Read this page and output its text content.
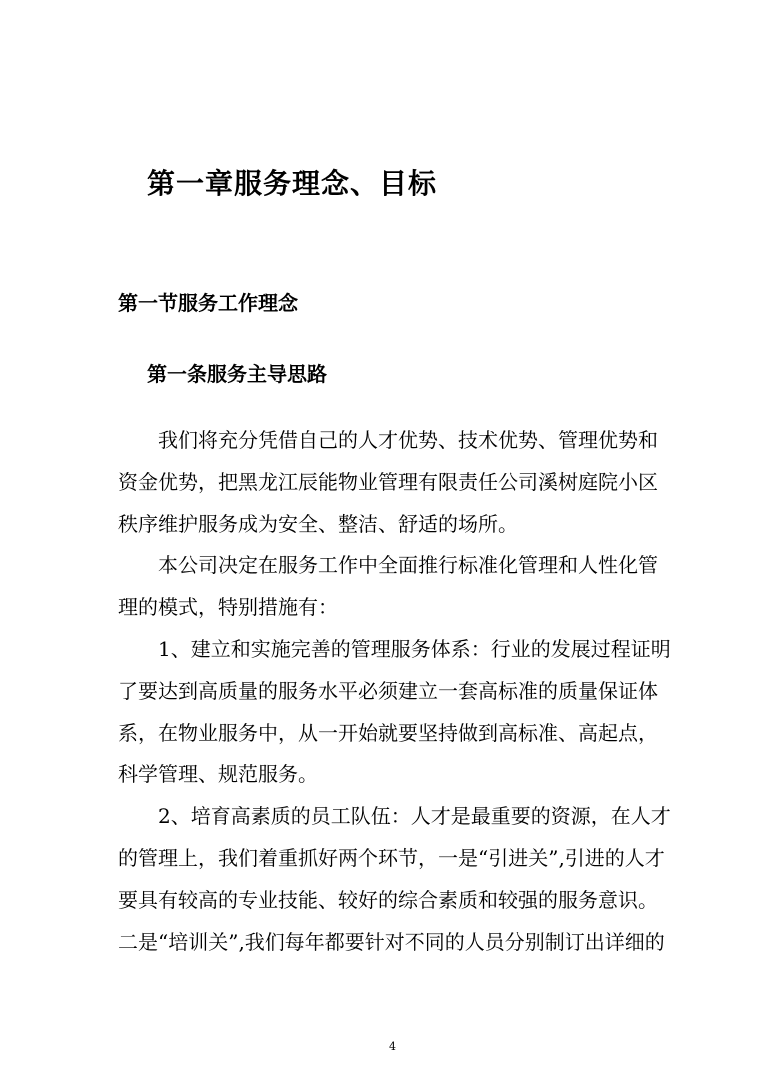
第一章服务理念、目标
第一节服务工作理念
第一条服务主导思路
我们将充分凭借自己的人才优势、技术优势、管理优势和
资金优势，把黑龙江辰能物业管理有限责任公司溪树庭院小区
秩序维护服务成为安全、整洁、舒适的场所。
本公司决定在服务工作中全面推行标准化管理和人性化管
理的模式，特别措施有：
1、建立和实施完善的管理服务体系：行业的发展过程证明
了要达到高质量的服务水平必须建立一套高标准的质量保证体
系，在物业服务中，从一开始就要坚持做到高标准、高起点，
科学管理、规范服务。
2、培育高素质的员工队伍：人才是最重要的资源，在人才
的管理上，我们着重抓好两个环节，一是“引进关”,引进的人才
要具有较高的专业技能、较好的综合素质和较强的服务意识。
二是“培训关”,我们每年都要针对不同的人员分别制订出详细的
4
